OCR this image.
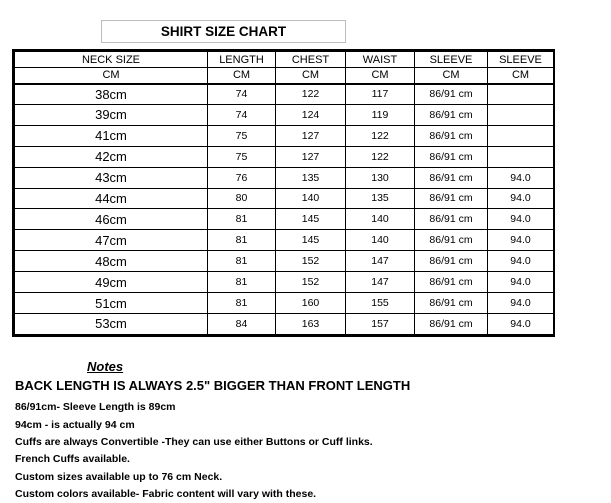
SHIRT SIZE CHART
NECK SIZE	LENGTH	CHEST	WAIST	SLEEVE	SLEEVE
CM	CM	CM	CM	CM	CM
38cm	74	122	117	86/91 cm	
39cm	74	124	119	86/91 cm	
41cm	75	127	122	86/91 cm	
42cm	75	127	122	86/91 cm	
43cm	76	135	130	86/91 cm	94.0
44cm	80	140	135	86/91 cm	94.0
46cm	81	145	140	86/91 cm	94.0
47cm	81	145	140	86/91 cm	94.0
48cm	81	152	147	86/91 cm	94.0
49cm	81	152	147	86/91 cm	94.0
51cm	81	160	155	86/91 cm	94.0
53cm	84	163	157	86/91 cm	94.0
Notes
BACK LENGTH IS ALWAYS 2.5" BIGGER THAN FRONT LENGTH
86/91cm- Sleeve Length is 89cm
94cm - is actually 94 cm
Cuffs are always Convertible -They can use either Buttons or Cuff links.
French Cuffs available.
Custom sizes available up to 76 cm Neck.
Custom colors available- Fabric content will vary with these.
